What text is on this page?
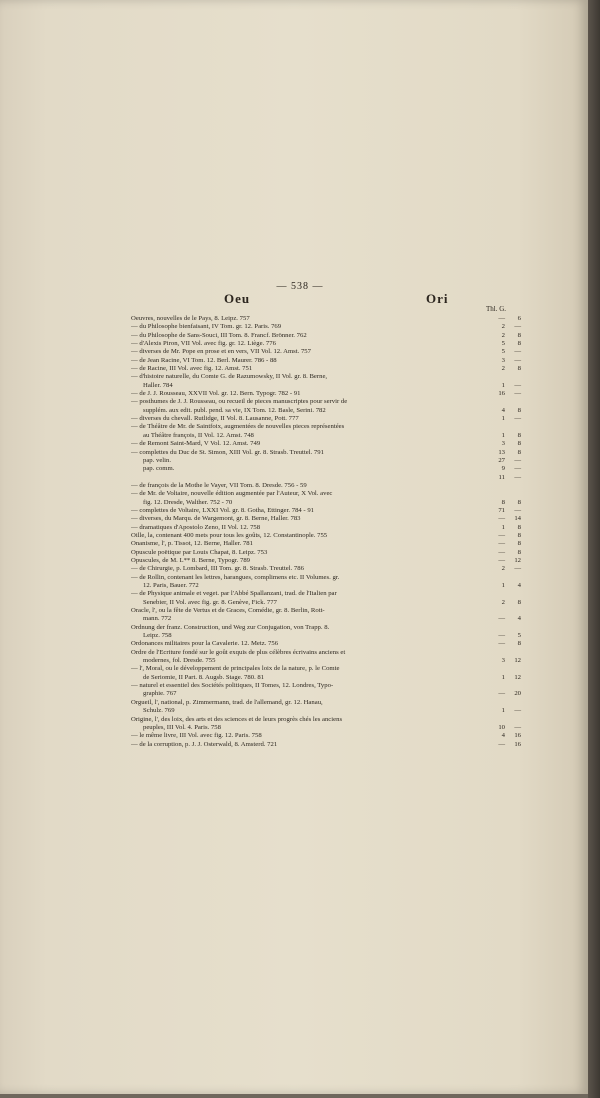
— 538 —
Oeu	Ori
Thl. G.
Oeuvres, nouvelles de le Pays, 8. Leipz. 757	—	6
— du Philosophe bienfaisant, IV Tom. gr. 12. Paris. 769	2	—
— du Philosophe de Sans-Souci, III Tom. 8. Francf. Brönner. 762	2	8
— d'Alexis Piron, VII Vol. avec fig. gr. 12. Liège. 776	5	8
— diverses de Mr. Pope en prose et en vers, VII Vol. 12. Amst. 757	5	—
— de Jean Racine, VI Tom. 12. Berl. Maurer. 786 - 88	3	—
— de Racine, III Vol. avec fig. 12. Amst. 751	2	8
— d'histoire naturelle, du Comte G. de Razumowsky, II Vol. gr. 8. Berne,
Haller. 784	1	—
— de J. J. Rousseau, XXVII Vol. gr. 12. Bern. Typogr. 782 - 91	16	—
— posthumes de J. J. Rousseau, ou recueil de pieces manuscriptes pour servir de
supplém. aux edit. publ. pend. sa vie, IX Tom. 12. Basle, Serini. 782	4	8
— diverses du chevall. Rutlidge, II Vol. 8. Lausanne, Pott. 777	1	—
— de Théâtre de Mr. de Saintfoix, augmentées de nouvelles pieces représentées
au Théâtre françois, II Vol. 12. Amst. 748	1	8
— de Remont Saint-Mard, V Vol. 12. Amst. 749	3	8
— complettes du Duc de St. Simon, XIII Vol. gr. 8. Strasb. Treuttel. 791	13	8
pap. velin.	27	—
pap. comm.	9	—
11	—
— de françois de la Mothe le Vayer, VII Tom. 8. Dresde. 756 - 59
— de Mr. de Voltaire, nouvelle édition augmentée par l'Auteur, X Vol. avec
fig. 12. Dresde, Walther. 752 - 70	8	8
— complettes de Voltaire, LXXI Vol. gr. 8. Gotha, Ettinger. 784 - 91	71	—
— diverses, du Marqu. de Wargemont, gr. 8. Berne, Haller. 783	—	14
— dramatiques d'Apostolo Zeno, II Vol. 12. 758	1	8
Oille, la, contenant 400 mets pour tous les goûts, 12. Constantinople. 755	—	8
Onanisme, l', p. Tissot, 12. Berne, Haller. 781	—	8
Opuscule poëtique par Louis Chapat, 8. Leipz. 753	—	8
Opuscules, de M. L** 8. Berne, Typogr. 789	—	12
— de Chirurgie, p. Lombard, III Tom. gr. 8. Strasb. Treuttel. 786	2	—
— de Rollin, contenant les lettres, harangues, complimens etc. II Volumes. gr.
12. Paris, Bauer. 772	1	4
— de Physique animale et veget. par l'Abbé Spallanzani, trad. de l'Italien par
Senebier, II Vol. avec fig. gr. 8. Genève, Fick. 777	2	8
Oracle, l', ou la fête de Vertus et de Graces, Comédie, gr. 8. Berlin, Rott-
mann. 772	—	4
Ordnung der franz. Construction, und Weg zur Conjugation, von Trapp. 8.
Leipz. 758	—	5
Ordonances militaires pour la Cavalerie. 12. Metz. 756	—	8
Ordre de l'Ecriture fondé sur le goût exquis de plus célèbres écrivains anciens et
modernes, fol. Dresde. 755	3	12
— l', Moral, ou le développement de principales loix de la nature, p. le Comte
de Seriomie, II Part. 8. Augsb. Stage. 780. 81	1	12
— naturel et essentiel des Sociétés politiques, II Tomes, 12. Londres, Typo-
graphie. 767	—	20
Orgueil, l', national, p. Zimmermann, trad. de l'allemand, gr. 12. Hanau,
Schulz. 769	1	—
Origine, l', des loix, des arts et des sciences et de leurs progrès chés les anciens
peuples, III Vol. 4. Paris. 758	10	—
— le même livre, III Vol. avec fig. 12. Paris. 758	4	16
— de la corruption, p. J. J. Osterwald, 8. Amsterd. 721	—	16
